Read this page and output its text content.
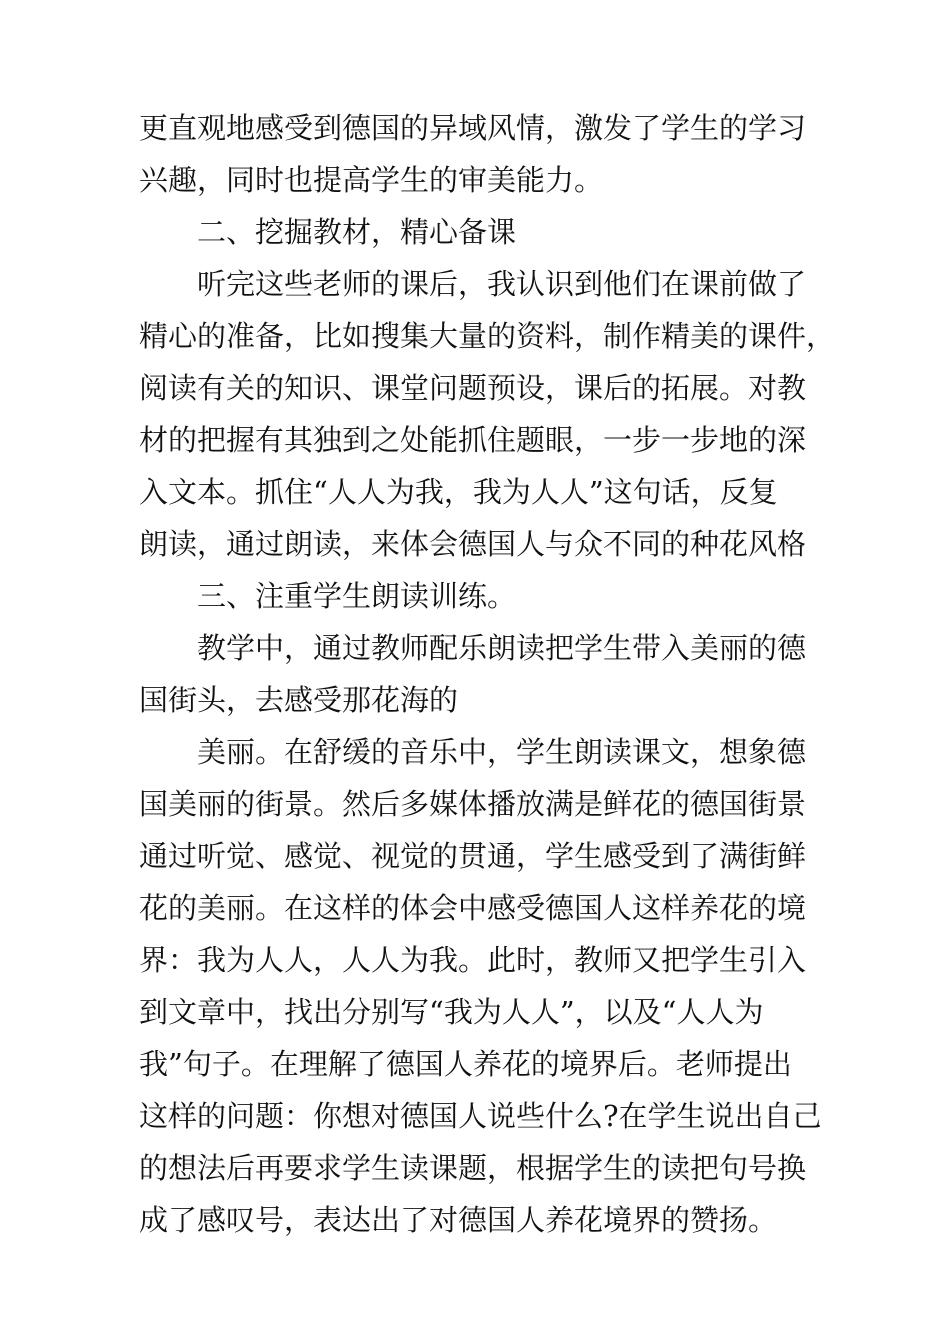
更直观地感受到德国的异域风情，激发了学生的学习
兴趣，同时也提高学生的审美能力。
二、挖掘教材，精心备课
听完这些老师的课后，我认识到他们在课前做了
精心的准备，比如搜集大量的资料，制作精美的课件，
阅读有关的知识、课堂问题预设，课后的拓展。对教
材的把握有其独到之处能抓住题眼，一步一步地的深
入文本。抓住“人人为我，我为人人”这句话，反复
朗读，通过朗读，来体会德国人与众不同的种花风格
三、注重学生朗读训练。
教学中，通过教师配乐朗读把学生带入美丽的德
国街头，去感受那花海的
美丽。在舒缓的音乐中，学生朗读课文，想象德
国美丽的街景。然后多媒体播放满是鲜花的德国街景
通过听觉、感觉、视觉的贯通，学生感受到了满街鲜
花的美丽。在这样的体会中感受德国人这样养花的境
界：我为人人，人人为我。此时，教师又把学生引入
到文章中，找出分别写“我为人人”，以及“人人为
我”句子。在理解了德国人养花的境界后。老师提出
这样的问题：你想对德国人说些什么?在学生说出自己
的想法后再要求学生读课题，根据学生的读把句号换
成了感叹号，表达出了对德国人养花境界的赞扬。
